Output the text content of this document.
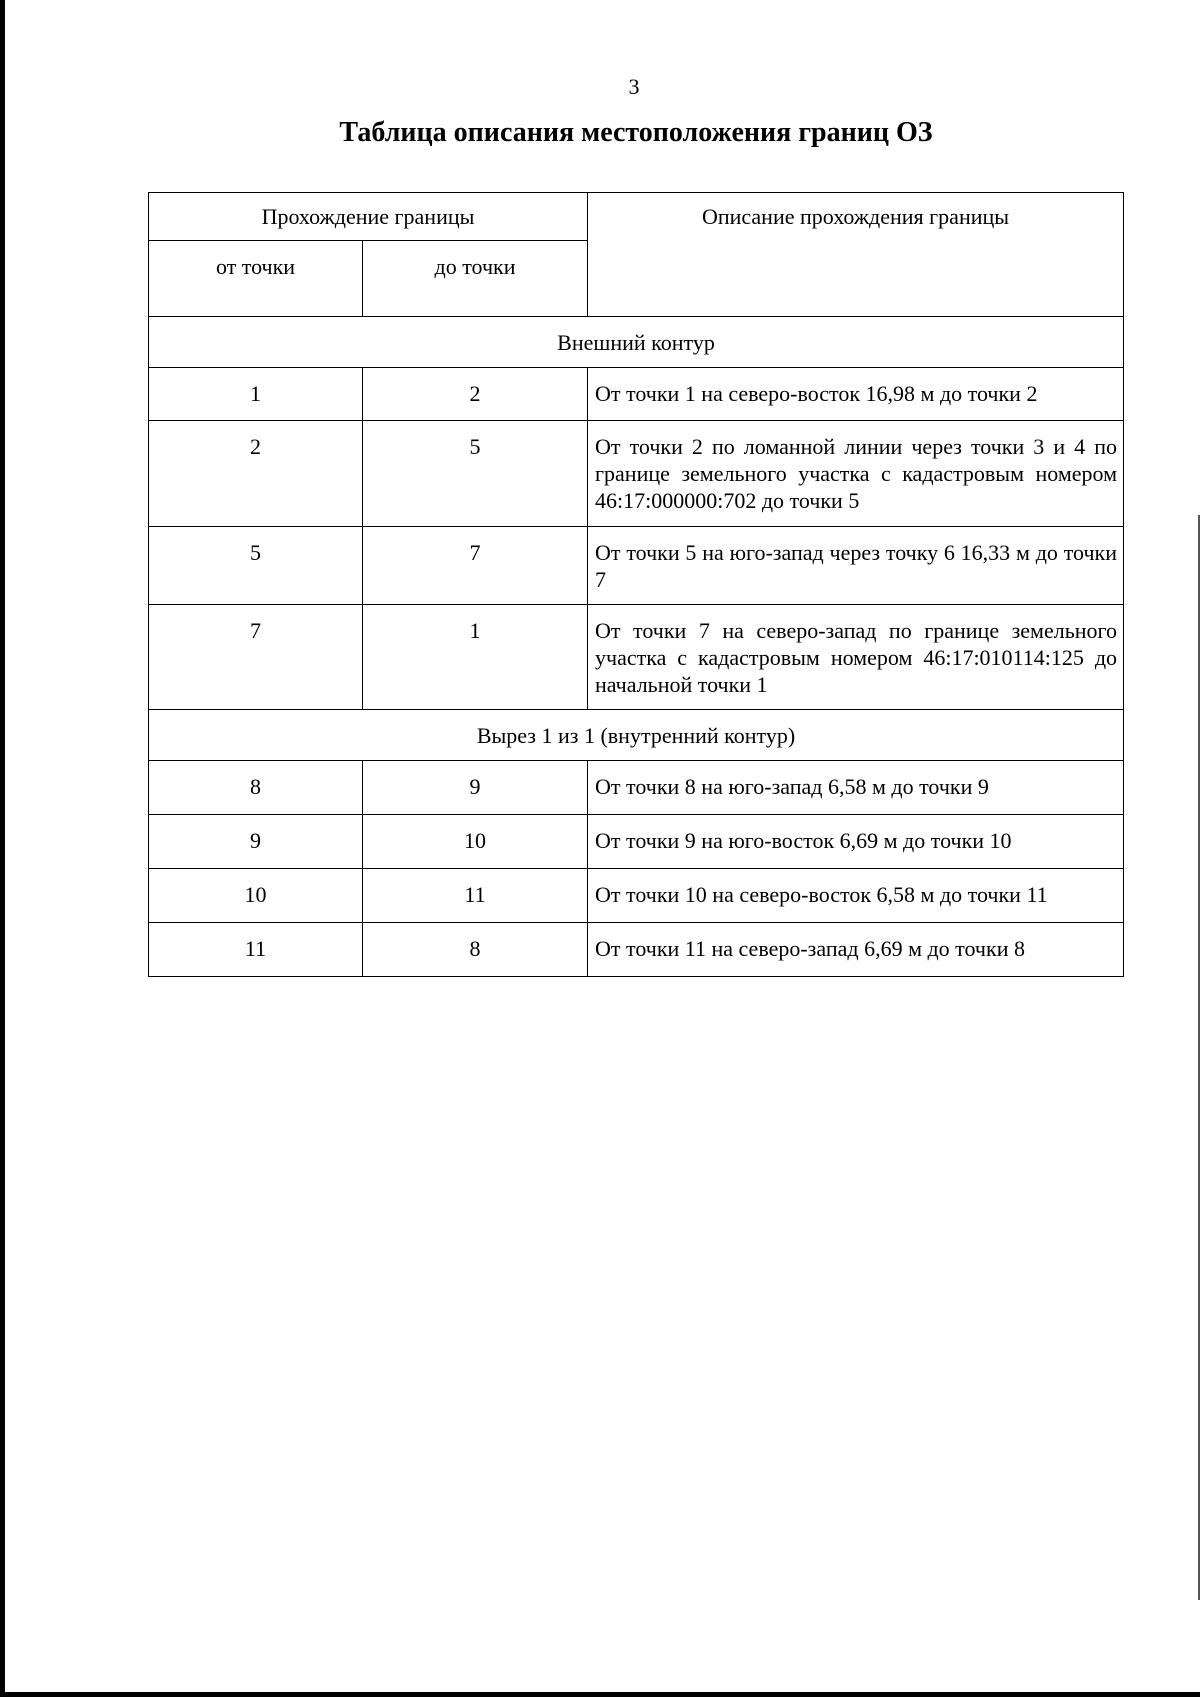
3
Таблица описания местоположения границ ОЗ
Прохождение границы		Описание прохождения границы
от точки	до точки	
Внешний контур		
1	2	От точки 1 на северо-восток 16,98 м до точки 2
2	5	От точки 2 по ломанной линии через точки 3 и 4 по границе земельного участка с кадастровым номером 46:17:000000:702 до точки 5
5	7	От точки 5 на юго-запад через точку 6 16,33 м до точки 7
7	1	От точки 7 на северо-запад по границе земельного участка с кадастровым номером 46:17:010114:125 до начальной точки 1
Вырез 1 из 1 (внутренний контур)		
8	9	От точки 8 на юго-запад 6,58 м до точки 9
9	10	От точки 9 на юго-восток 6,69 м до точки 10
10	11	От точки 10 на северо-восток 6,58 м до точки 11
11	8	От точки 11 на северо-запад 6,69 м до точки 8
